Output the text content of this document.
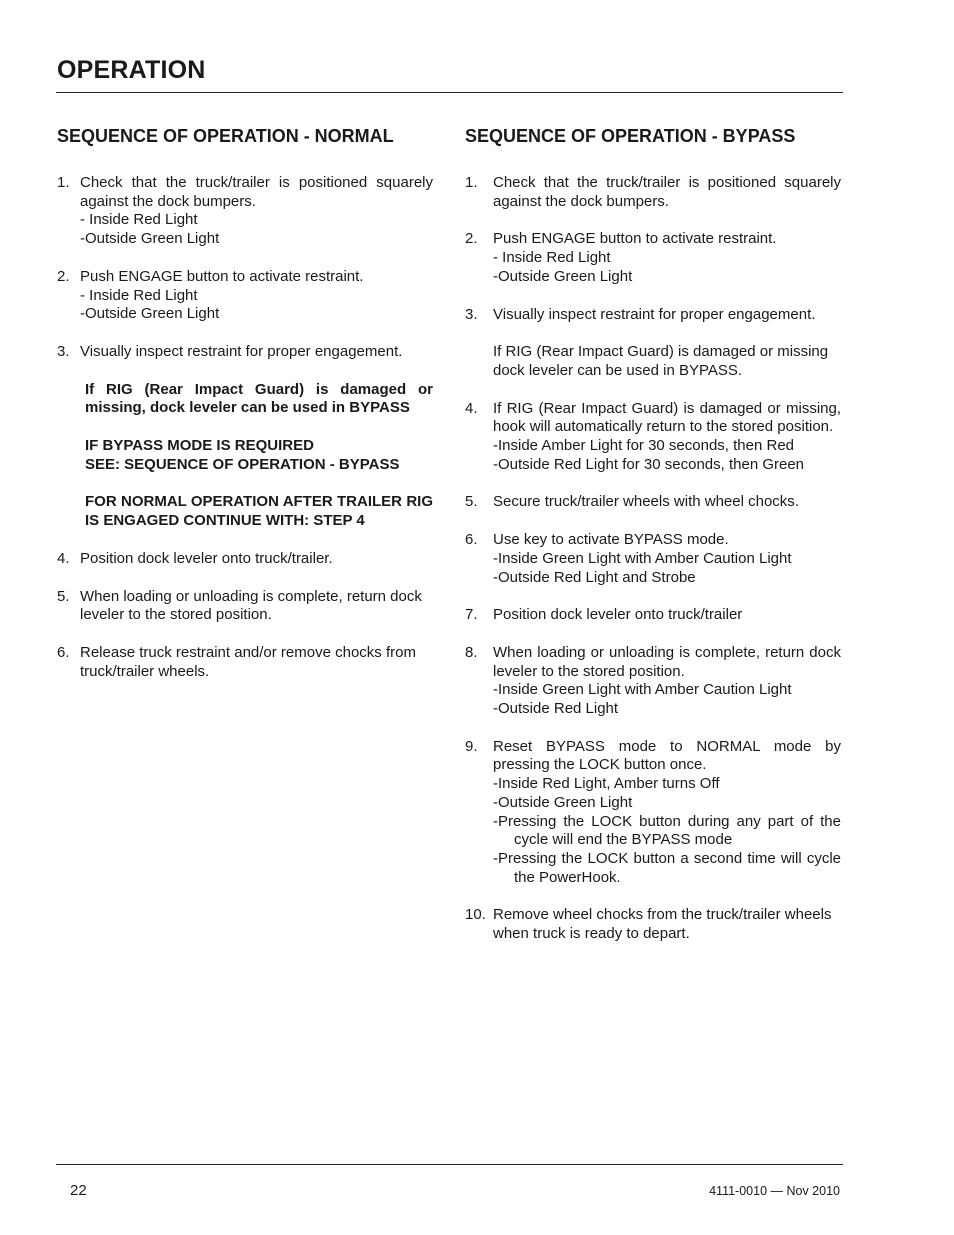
OPERATION
SEQUENCE OF OPERATION - NORMAL
1. Check that the truck/trailer is positioned squarely against the dock bumpers.
- Inside Red Light
-Outside Green Light
2. Push ENGAGE button to activate restraint.
- Inside Red Light
-Outside Green Light
3. Visually inspect restraint for proper engagement.
If RIG (Rear Impact Guard) is damaged or missing, dock leveler can be used in BYPASS
IF BYPASS MODE IS REQUIRED
SEE: SEQUENCE OF OPERATION - BYPASS
FOR NORMAL OPERATION AFTER TRAILER RIG IS ENGAGED CONTINUE WITH: STEP 4
4. Position dock leveler onto truck/trailer.
5. When loading or unloading is complete, return dock leveler to the stored position.
6. Release truck restraint and/or remove chocks from truck/trailer wheels.
SEQUENCE OF OPERATION - BYPASS
1.	Check that the truck/trailer is positioned squarely against the dock bumpers.
2.	Push ENGAGE button to activate restraint.
- Inside Red Light
-Outside Green Light
3.	Visually inspect restraint for proper engagement.
If RIG (Rear Impact Guard) is damaged or missing dock leveler can be used in BYPASS.
4.	If RIG (Rear Impact Guard) is damaged or missing, hook will automatically return to the stored position.
-Inside Amber Light for 30 seconds, then Red
-Outside Red Light for 30 seconds, then Green
5.	Secure truck/trailer wheels with wheel chocks.
6.	Use key to activate BYPASS mode.
-Inside Green Light with Amber Caution Light
-Outside Red Light and Strobe
7.	Position dock leveler onto truck/trailer
8.	When loading or unloading is complete, return dock leveler to the stored position.
-Inside Green Light with Amber Caution Light
-Outside Red Light
9.	Reset BYPASS mode to NORMAL mode by pressing the LOCK button once.
-Inside Red Light, Amber turns Off
-Outside Green Light
-Pressing the LOCK button during any part of the cycle will end the BYPASS mode
-Pressing the LOCK button a second time will cycle the PowerHook.
10. Remove wheel chocks from the truck/trailer wheels when truck is ready to depart.
22	4111-0010 — Nov 2010
